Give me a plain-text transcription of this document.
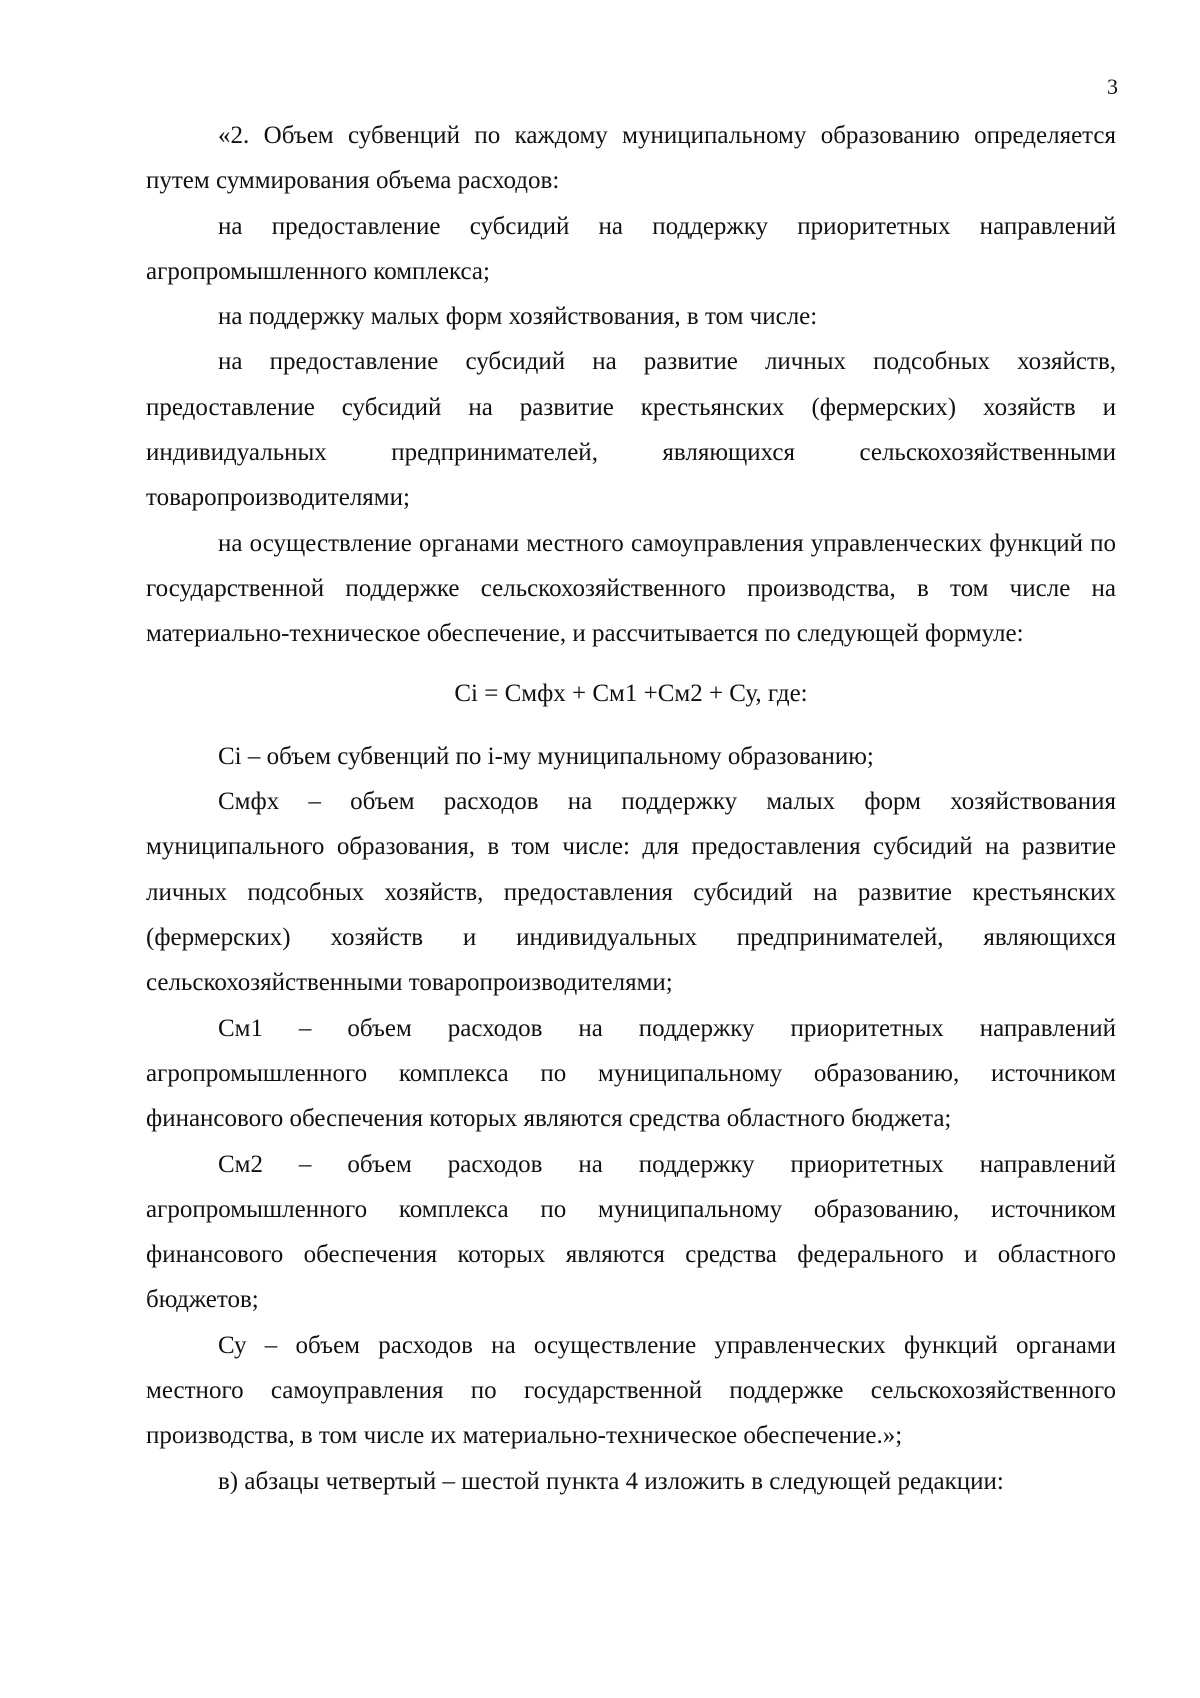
3

«2. Объем субвенций по каждому муниципальному образованию определяется путем суммирования объема расходов:

на предоставление субсидий на поддержку приоритетных направлений агропромышленного комплекса;

на поддержку малых форм хозяйствования, в том числе:

на предоставление субсидий на развитие личных подсобных хозяйств, предоставление субсидий на развитие крестьянских (фермерских) хозяйств и индивидуальных предпринимателей, являющихся сельскохозяйственными товаропроизводителями;

на осуществление органами местного самоуправления управленческих функций по государственной поддержке сельскохозяйственного производства, в том числе на материально-техническое обеспечение, и рассчитывается по следующей формуле:

Сi = Смфх + См1 +См2 + Су, где:

Сi – объем субвенций по i-му муниципальному образованию;

Смфх – объем расходов на поддержку малых форм хозяйствования муниципального образования, в том числе: для предоставления субсидий на развитие личных подсобных хозяйств, предоставления субсидий на развитие крестьянских (фермерских) хозяйств и индивидуальных предпринимателей, являющихся сельскохозяйственными товаропроизводителями;

См1 – объем расходов на поддержку приоритетных направлений агропромышленного комплекса по муниципальному образованию, источником финансового обеспечения которых являются средства областного бюджета;

См2 – объем расходов на поддержку приоритетных направлений агропромышленного комплекса по муниципальному образованию, источником финансового обеспечения которых являются средства федерального и областного бюджетов;

Су – объем расходов на осуществление управленческих функций органами местного самоуправления по государственной поддержке сельскохозяйственного производства, в том числе их материально-техническое обеспечение.»;

в) абзацы четвертый – шестой пункта 4 изложить в следующей редакции:
